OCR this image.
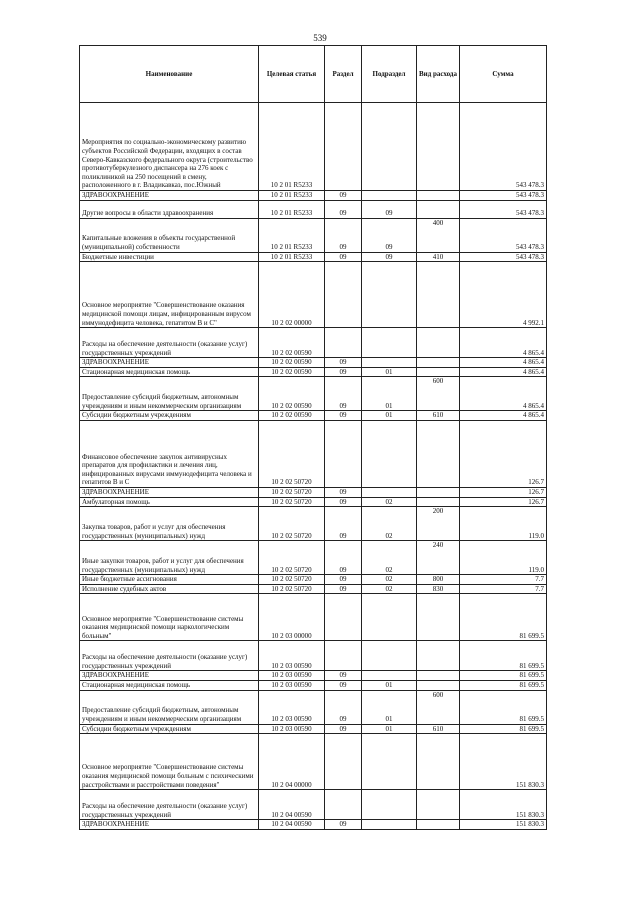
539
Наименование	Целевая статья	Раздел	Подраздел	Вид расхода	Сумма
Мероприятия по социально-экономическому развитию субъектов Российской Федерации, входящих в состав Северо-Кавказского федерального округа (строительство противотуберкулезного диспансера на 276 коек с поликлиникой на 250 посещений в смену, расположенного в г. Владикавказ, пос.Южный	10 2 01 R5233				543 478.3
ЗДРАВООХРАНЕНИЕ	10 2 01 R5233	09			543 478.3
Другие вопросы в области здравоохранения	10 2 01 R5233	09	09		543 478.3
Капитальные вложения в объекты государственной (муниципальной) собственности	10 2 01 R5233	09	09	400	543 478.3
Бюджетные инвестиции	10 2 01 R5233	09	09	410	543 478.3
Основное мероприятие "Совершенствование оказания медицинской помощи лицам, инфицированным вирусом иммунодефицита человека, гепатитом В и С"	10 2 02 00000				4 992.1
Расходы на обеспечение деятельности (оказание услуг) государственных учреждений	10 2 02 00590				4 865.4
ЗДРАВООХРАНЕНИЕ	10 2 02 00590	09			4 865.4
Стационарная медицинская помощь	10 2 02 00590	09	01		4 865.4
Предоставление субсидий бюджетным, автономным учреждениям и иным некоммерческим организациям	10 2 02 00590	09	01	600	4 865.4
Субсидии бюджетным учреждениям	10 2 02 00590	09	01	610	4 865.4
Финансовое обеспечение закупок антивирусных препаратов для профилактики и лечения лиц, инфицированных вирусами иммунодефицита человека и гепатитов В и С	10 2 02 50720				126.7
ЗДРАВООХРАНЕНИЕ	10 2 02 50720	09			126.7
Амбулаторная помощь	10 2 02 50720	09	02		126.7
Закупка товаров, работ и услуг для обеспечения государственных (муниципальных) нужд	10 2 02 50720	09	02	200	119.0
Иные закупки товаров, работ и услуг для обеспечения государственных (муниципальных) нужд	10 2 02 50720	09	02	240	119.0
Иные бюджетные ассигнования	10 2 02 50720	09	02	800	7.7
Исполнение судебных актов	10 2 02 50720	09	02	830	7.7
Основное мероприятие "Совершенствование системы оказания медицинской помощи наркологическим больным"	10 2 03 00000				81 699.5
Расходы на обеспечение деятельности (оказание услуг) государственных учреждений	10 2 03 00590				81 699.5
ЗДРАВООХРАНЕНИЕ	10 2 03 00590	09			81 699.5
Стационарная медицинская помощь	10 2 03 00590	09	01		81 699.5
Предоставление субсидий бюджетным, автономным учреждениям и иным некоммерческим организациям	10 2 03 00590	09	01	600	81 699.5
Субсидии бюджетным учреждениям	10 2 03 00590	09	01	610	81 699.5
Основное мероприятие "Совершенствование системы оказания медицинской помощи больным с психическими расстройствами и расстройствами поведения"	10 2 04 00000				151 830.3
Расходы на обеспечение деятельности (оказание услуг) государственных учреждений	10 2 04 00590				151 830.3
ЗДРАВООХРАНЕНИЕ	10 2 04 00590	09			151 830.3
